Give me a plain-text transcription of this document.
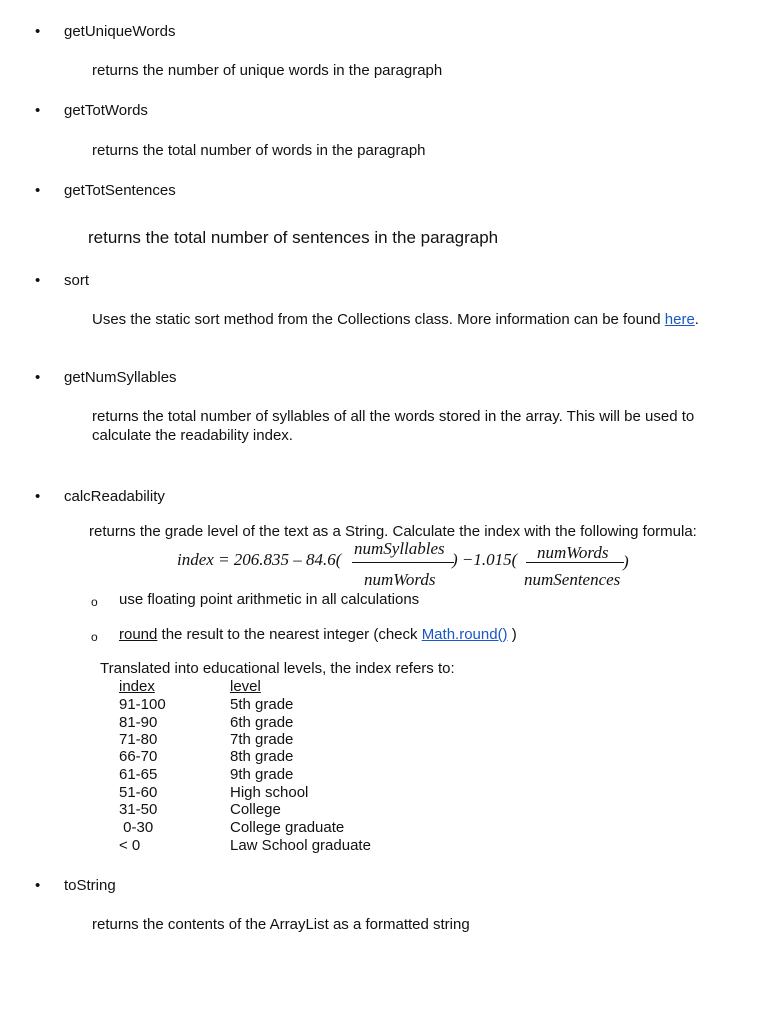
• getUniqueWords
returns the number of unique words in the paragraph
• getTotWords
returns the total number of words in the paragraph
• getTotSentences
returns the total number of sentences in the paragraph
• sort
Uses the static sort method from the Collections class. More information can be found here.
• getNumSyllables
returns the total number of syllables of all the words stored in the array. This will be used to
calculate the readability index.
• calcReadability
returns the grade level of the text as a String. Calculate the index with the following formula:
index = 206.835 – 84.6(
numSyllables
numWords
) −1.015( numWords
numSentences
)
o use floating point arithmetic in all calculations
o round the result to the nearest integer (check Math.round() )
Translated into educational levels, the index refers to:
index	level
91-100	5th grade
81-90	6th grade
71-80	7th grade
66-70	8th grade
61-65	9th grade
51-60	High school
31-50	College
0-30	College graduate
< 0	Law School graduate
• toString
returns the contents of the ArrayList as a formatted string
